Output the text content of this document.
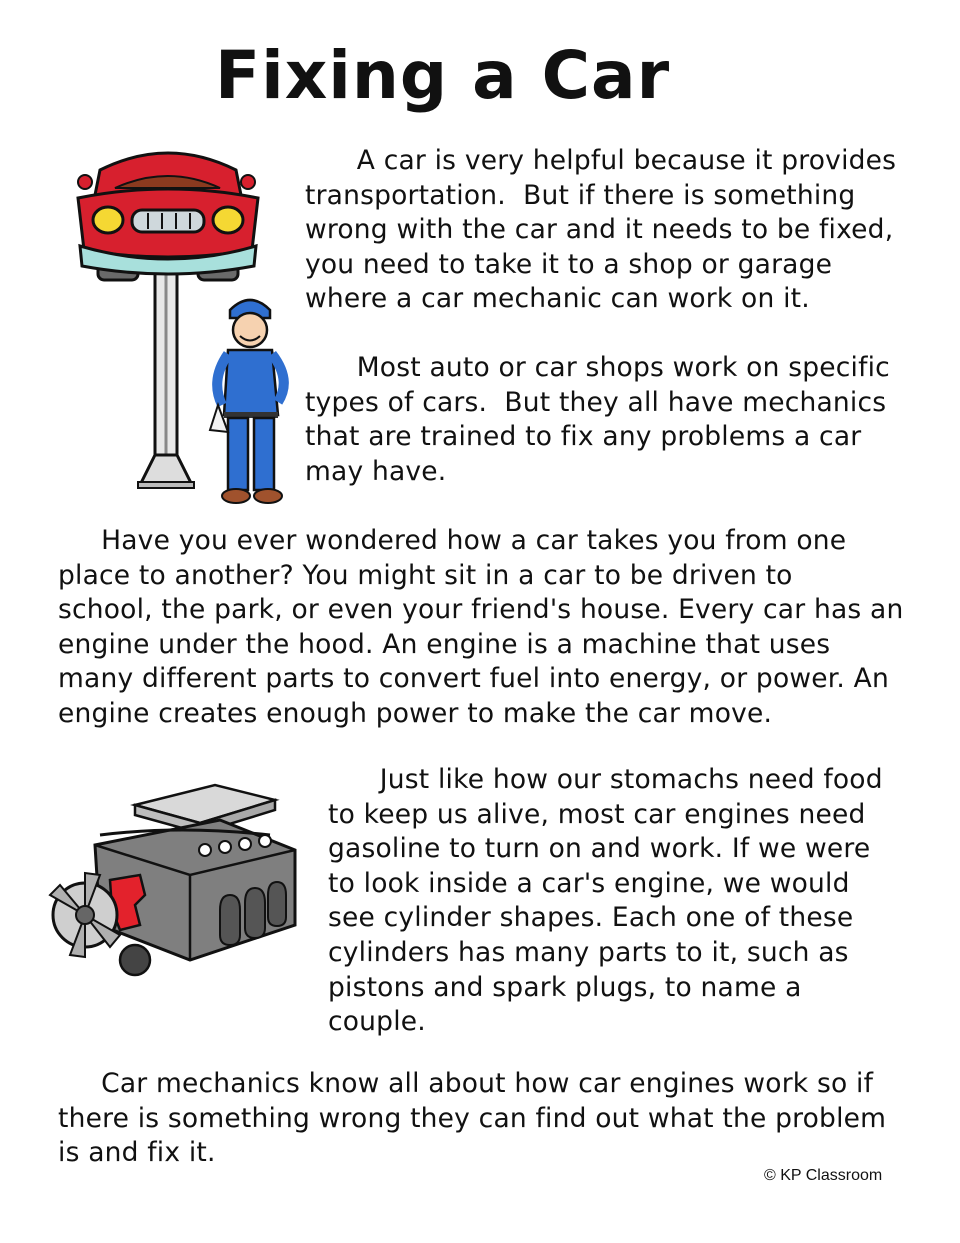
Fixing a Car

A car is very helpful because it provides
transportation.  But if there is something
wrong with the car and it needs to be fixed,
you need to take it to a shop or garage
where a car mechanic can work on it.

Most auto or car shops work on specific
types of cars.  But they all have mechanics
that are trained to fix any problems a car
may have.

Have you ever wondered how a car takes you from one
place to another? You might sit in a car to be driven to
school, the park, or even your friend's house. Every car has an
engine under the hood. An engine is a machine that uses
many different parts to convert fuel into energy, or power. An
engine creates enough power to make the car move.

Just like how our stomachs need food
to keep us alive, most car engines need
gasoline to turn on and work. If we were
to look inside a car's engine, we would
see cylinder shapes. Each one of these
cylinders has many parts to it, such as
pistons and spark plugs, to name a
couple.

Car mechanics know all about how car engines work so if
there is something wrong they can find out what the problem
is and fix it.

© KP Classroom
